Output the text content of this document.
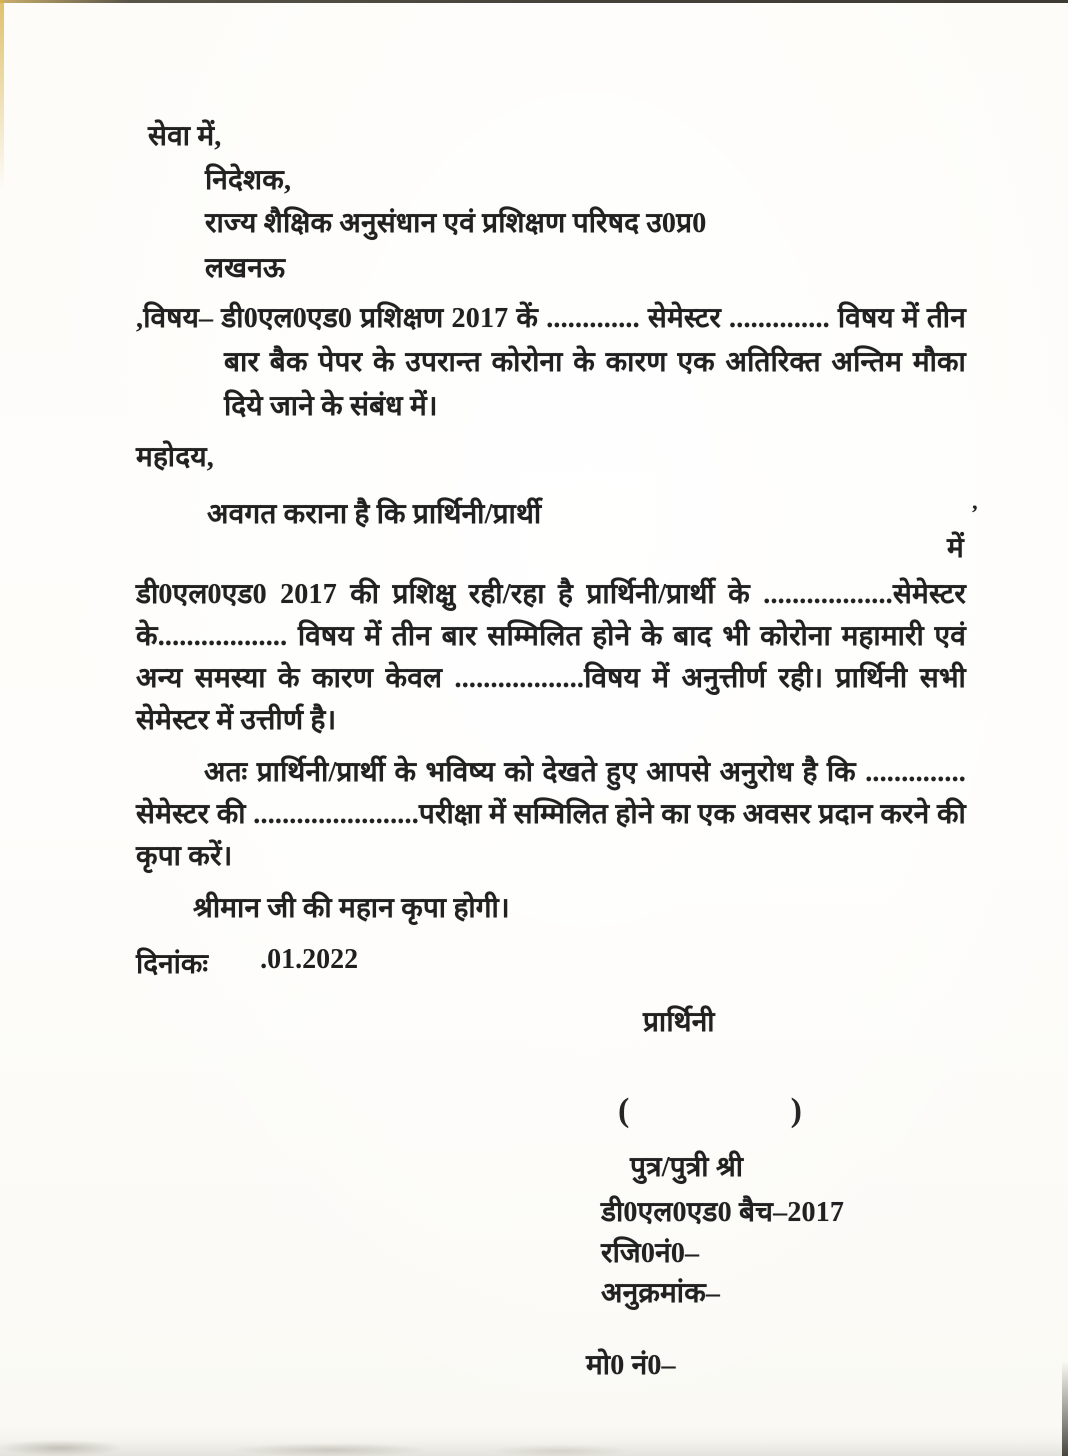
सेवा में,
निदेशक,
राज्य शैक्षिक अनुसंधान एवं प्रशिक्षण परिषद उ0प्र0
लखनऊ
,विषय– डी0एल0एड0 प्रशिक्षण 2017 कें ............. सेमेस्टर .............. विषय में तीन
बार बैक पेपर के उपरान्त कोरोना के कारण एक अतिरिक्त अन्तिम मौका
दिये जाने के संबंध में।
महोदय,
अवगत कराना है कि प्रार्थिनी/प्रार्थी	’
में
डी0एल0एड0 2017 की प्रशिक्षु रही/रहा है प्रार्थिनी/प्रार्थी के ..................सेमेस्टर
के.................. विषय में तीन बार सम्मिलित होने के बाद भी कोरोना महामारी एवं
अन्य समस्या के कारण केवल ..................विषय में अनुत्तीर्ण रही। प्रार्थिनी सभी
सेमेस्टर में उत्तीर्ण है।
अतः प्रार्थिनी/प्रार्थी के भविष्य को देखते हुए आपसे अनुरोध है कि ..............
सेमेस्टर की .......................परीक्षा में सम्मिलित होने का एक अवसर प्रदान करने की
कृपा करें।
श्रीमान जी की महान कृपा होगी।
दिनांकः .01.2022
प्रार्थिनी
(	)
पुत्र/पुत्री श्री
डी0एल0एड0 बैच–2017
रजि0नं0–
अनुक्रमांक–
मो0 नं0–
